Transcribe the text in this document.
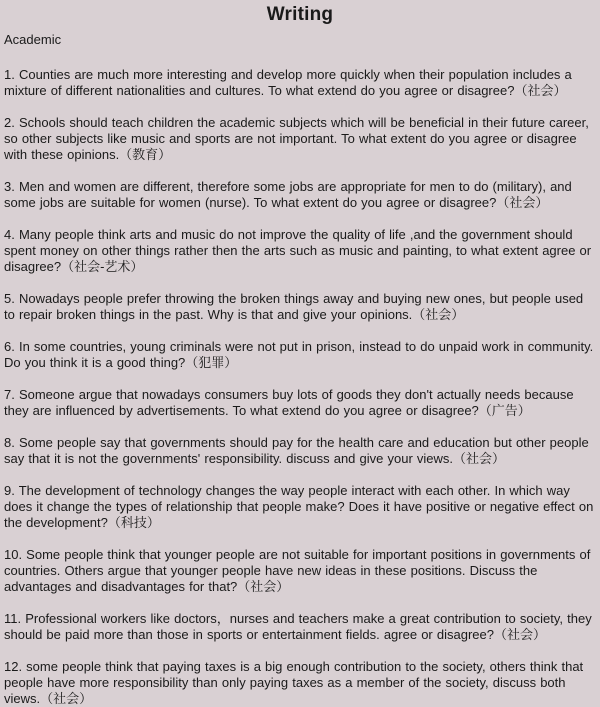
Writing
Academic
1. Counties are much more interesting and develop more quickly when their population includes a mixture of different nationalities and cultures. To what extend do you agree or disagree?（社会）
2. Schools should teach children the academic subjects which will be beneficial in their future career, so other subjects like music and sports are not important. To what extent do you agree or disagree with these opinions.（教育）
3. Men and women are different, therefore some jobs are appropriate for men to do (military), and some jobs are suitable for women (nurse). To what extent do you agree or disagree?（社会）
4. Many people think arts and music do not improve the quality of life ,and the government should spent money on other things rather then the arts such as music and painting, to what extent agree or disagree?（社会-艺术）
5. Nowadays people prefer throwing the broken things away and buying new ones, but people used to repair broken things in the past. Why is that and give your opinions.（社会）
6. In some countries, young criminals were not put in prison, instead to do unpaid work in community. Do you think it is a good thing?（犯罪）
7. Someone argue that nowadays consumers buy lots of goods they don't actually needs because they are influenced by advertisements. To what extend do you agree or disagree?（广告）
8. Some people say that governments should pay for the health care and education but other people say that it is not the governments' responsibility. discuss and give your views.（社会）
9. The development of technology changes the way people interact with each other. In which way does it change the types of relationship that people make? Does it have positive or negative effect on the development?（科技）
10. Some people think that younger people are not suitable for important positions in governments of countries. Others argue that younger people have new ideas in these positions. Discuss the advantages and disadvantages for that?（社会）
11. Professional workers like doctors，nurses and teachers make a great contribution to society, they should be paid more than those in sports or entertainment fields. agree or disagree?（社会）
12. some people think that paying taxes is a big enough contribution to the society, others think that people have more responsibility than only paying taxes as a member of the society, discuss both views.（社会）
